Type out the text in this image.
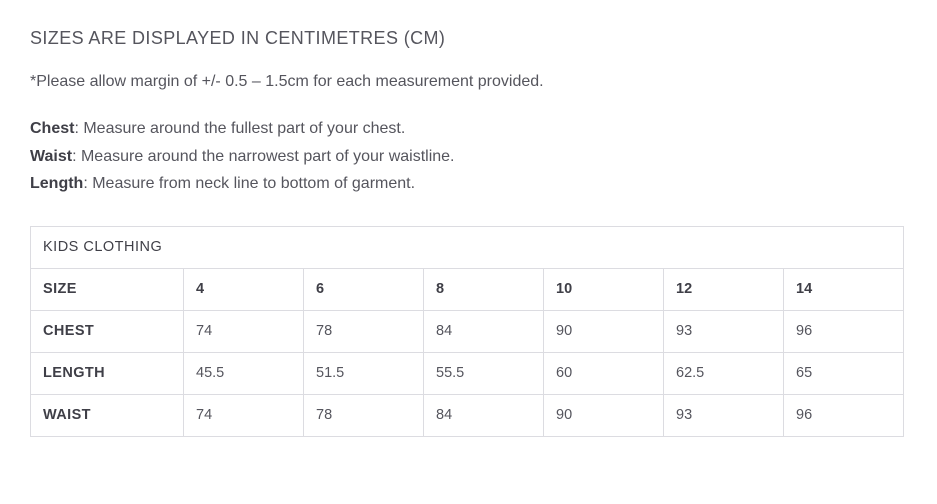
SIZES ARE DISPLAYED IN CENTIMETRES (CM)

*Please allow margin of +/- 0.5 – 1.5cm for each measurement provided.

Chest: Measure around the fullest part of your chest.
Waist: Measure around the narrowest part of your waistline.
Length: Measure from neck line to bottom of garment.
KIDS CLOTHING						
SIZE	4	6	8	10	12	14
CHEST	74	78	84	90	93	96
LENGTH	45.5	51.5	55.5	60	62.5	65
WAIST	74	78	84	90	93	96
